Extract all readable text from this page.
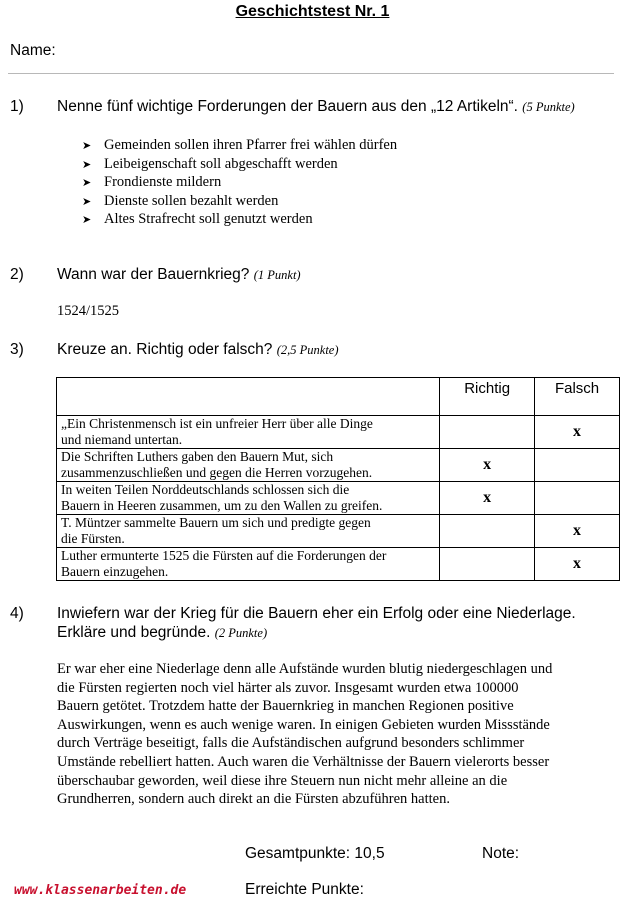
Geschichtstest Nr. 1
Name:
1) Nenne fünf wichtige Forderungen der Bauern aus den „12 Artikeln“. (5 Punkte)
➤ Gemeinden sollen ihren Pfarrer frei wählen dürfen
➤ Leibeigenschaft soll abgeschafft werden
➤ Frondienste mildern
➤ Dienste sollen bezahlt werden
➤ Altes Strafrecht soll genutzt werden
2) Wann war der Bauernkrieg? (1 Punkt)
1524/1525
3) Kreuze an. Richtig oder falsch? (2,5 Punkte)
	Richtig	Falsch
„Ein Christenmensch ist ein unfreier Herr über alle Dinge
und niemand untertan.		x
Die Schriften Luthers gaben den Bauern Mut, sich
zusammenzuschließen und gegen die Herren vorzugehen.	x	
In weiten Teilen Norddeutschlands schlossen sich die
Bauern in Heeren zusammen, um zu den Wallen zu greifen.	x	
T. Müntzer sammelte Bauern um sich und predigte gegen
die Fürsten.		x
Luther ermunterte 1525 die Fürsten auf die Forderungen der
Bauern einzugehen.		x
4) Inwiefern war der Krieg für die Bauern eher ein Erfolg oder eine Niederlage.
Erkläre und begründe. (2 Punkte)
Er war eher eine Niederlage denn alle Aufstände wurden blutig niedergeschlagen und
die Fürsten regierten noch viel härter als zuvor. Insgesamt wurden etwa 100000
Bauern getötet. Trotzdem hatte der Bauernkrieg in manchen Regionen positive
Auswirkungen, wenn es auch wenige waren. In einigen Gebieten wurden Missstände
durch Verträge beseitigt, falls die Aufständischen aufgrund besonders schlimmer
Umstände rebelliert hatten. Auch waren die Verhältnisse der Bauern vielerorts besser
überschaubar geworden, weil diese ihre Steuern nun nicht mehr alleine an die
Grundherren, sondern auch direkt an die Fürsten abzuführen hatten.
Gesamtpunkte: 10,5	Note:
www.klassenarbeiten.de	Erreichte Punkte:
